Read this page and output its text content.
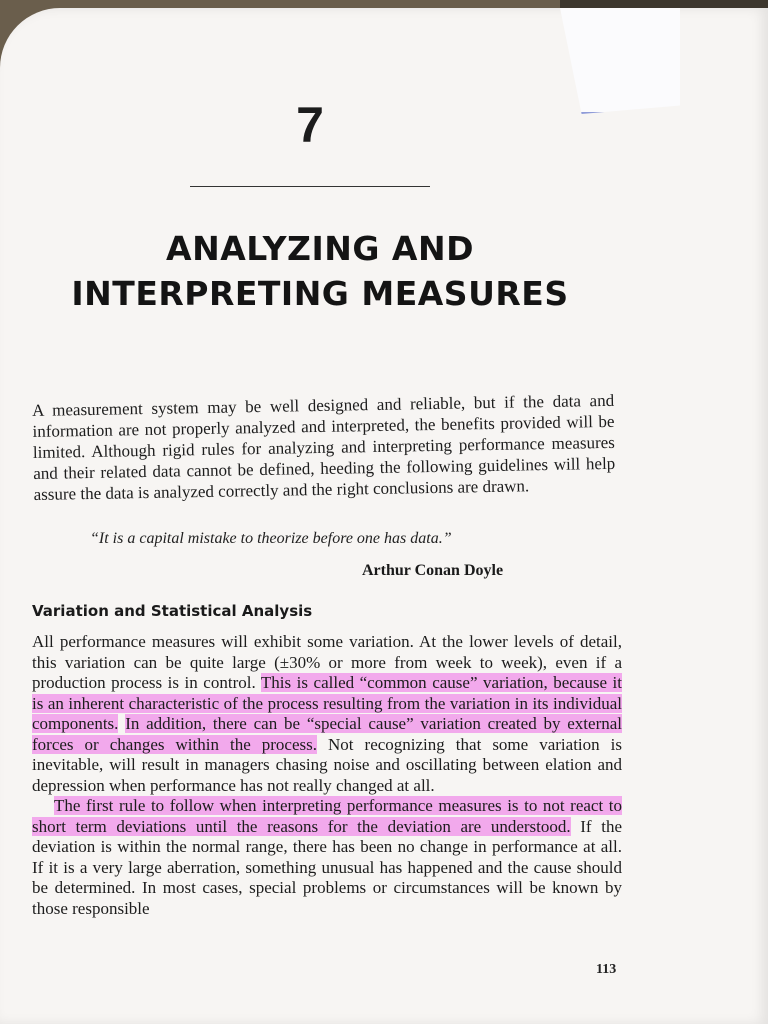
7
ANALYZING AND
INTERPRETING MEASURES
A measurement system may be well designed and reliable, but if the data and information are not properly analyzed and interpreted, the benefits provided will be limited. Although rigid rules for analyzing and interpreting performance measures and their related data cannot be defined, heeding the following guidelines will help assure the data is analyzed correctly and the right conclusions are drawn.
“It is a capital mistake to theorize before one has data.”
Arthur Conan Doyle
Variation and Statistical Analysis

All performance measures will exhibit some variation. At the lower levels of detail, this variation can be quite large (±30% or more from week to week), even if a production process is in control. This is called “common cause” variation, because it is an inherent characteristic of the process resulting from the variation in its individual components. In addition, there can be “special cause” variation created by external forces or changes within the process. Not recognizing that some variation is inevitable, will result in managers chasing noise and oscillating between elation and depression when performance has not really changed at all.

The first rule to follow when interpreting performance measures is to not react to short term deviations until the reasons for the deviation are understood. If the deviation is within the normal range, there has been no change in performance at all. If it is a very large aberration, something unusual has happened and the cause should be determined. In most cases, special problems or circumstances will be known by those responsible

113
